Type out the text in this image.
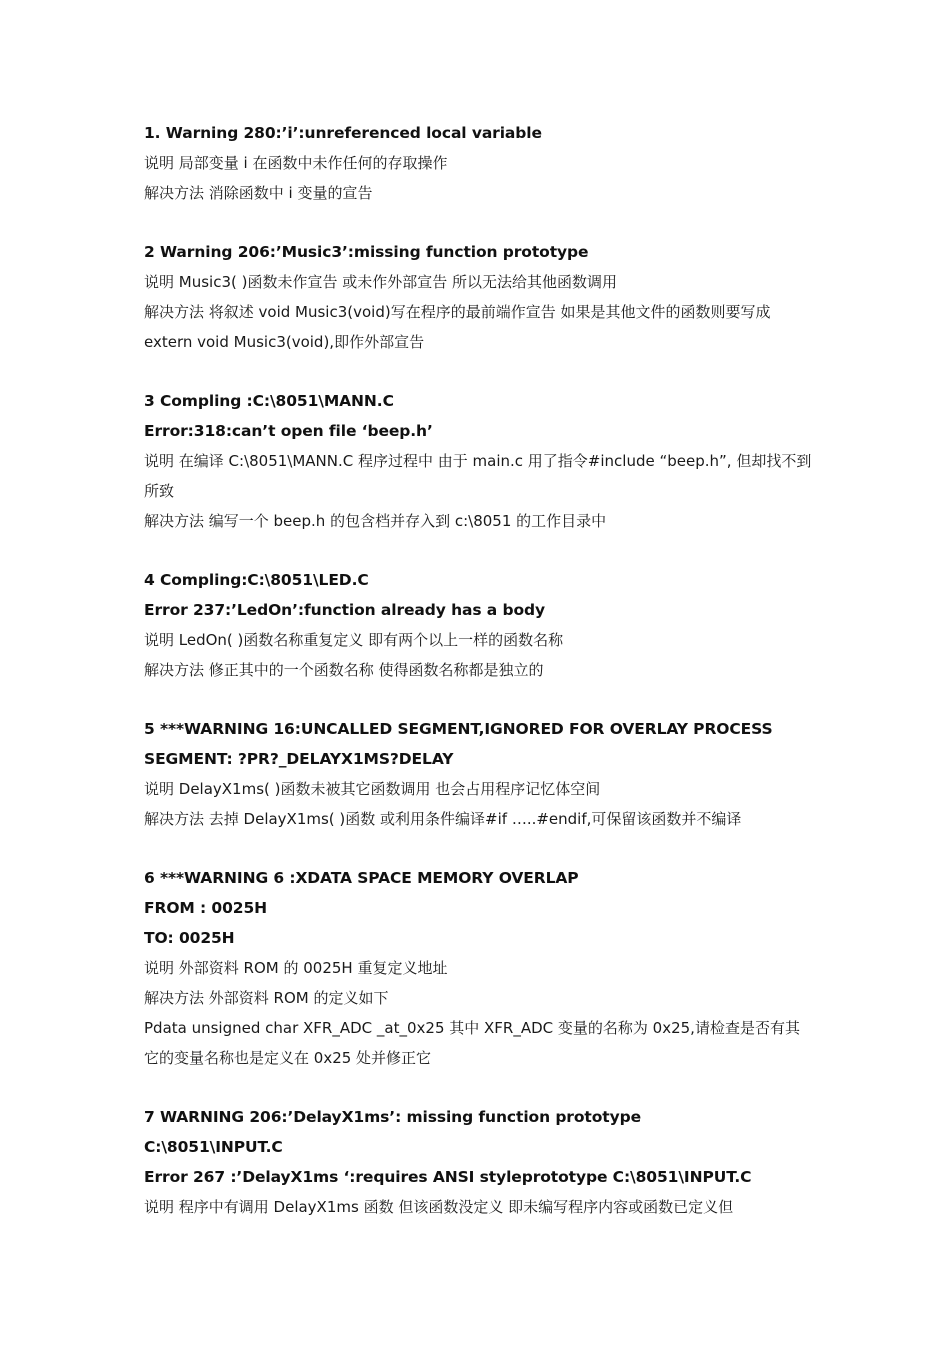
1. Warning 280:’i’:unreferenced local variable
说明 局部变量 i 在函数中未作任何的存取操作
解决方法 消除函数中 i 变量的宣告
2 Warning 206:’Music3’:missing function prototype
说明 Music3( )函数未作宣告 或未作外部宣告 所以无法给其他函数调用
解决方法 将叙述 void Music3(void)写在程序的最前端作宣告 如果是其他文件的函数则要写成 extern void Music3(void),即作外部宣告
3 Compling :C:\8051\MANN.C
Error:318:can’t open file ‘beep.h’
说明 在编译 C:\8051\MANN.C 程序过程中 由于 main.c 用了指令#include “beep.h”, 但却找不到所致
解决方法 编写一个 beep.h 的包含档并存入到 c:\8051 的工作目录中
4 Compling:C:\8051\LED.C
Error 237:’LedOn’:function already has a body
说明 LedOn( )函数名称重复定义 即有两个以上一样的函数名称
解决方法 修正其中的一个函数名称 使得函数名称都是独立的
5 ***WARNING 16:UNCALLED SEGMENT,IGNORED FOR OVERLAY PROCESS
SEGMENT: ?PR?_DELAYX1MS?DELAY
说明 DelayX1ms( )函数未被其它函数调用 也会占用程序记忆体空间
解决方法 去掉 DelayX1ms( )函数 或利用条件编译#if …..#endif,可保留该函数并不编译
6 ***WARNING 6 :XDATA SPACE MEMORY OVERLAP
FROM : 0025H
TO: 0025H
说明 外部资料 ROM 的 0025H 重复定义地址
解决方法 外部资料 ROM 的定义如下
Pdata unsigned char XFR_ADC _at_0x25 其中 XFR_ADC 变量的名称为 0x25,请检查是否有其它的变量名称也是定义在 0x25 处并修正它
7 WARNING 206:’DelayX1ms’: missing function prototype
C:\8051\INPUT.C
Error 267 :’DelayX1ms ‘:requires ANSI styleprototype C:\8051\INPUT.C
说明 程序中有调用 DelayX1ms 函数 但该函数没定义 即未编写程序内容或函数已定义但
